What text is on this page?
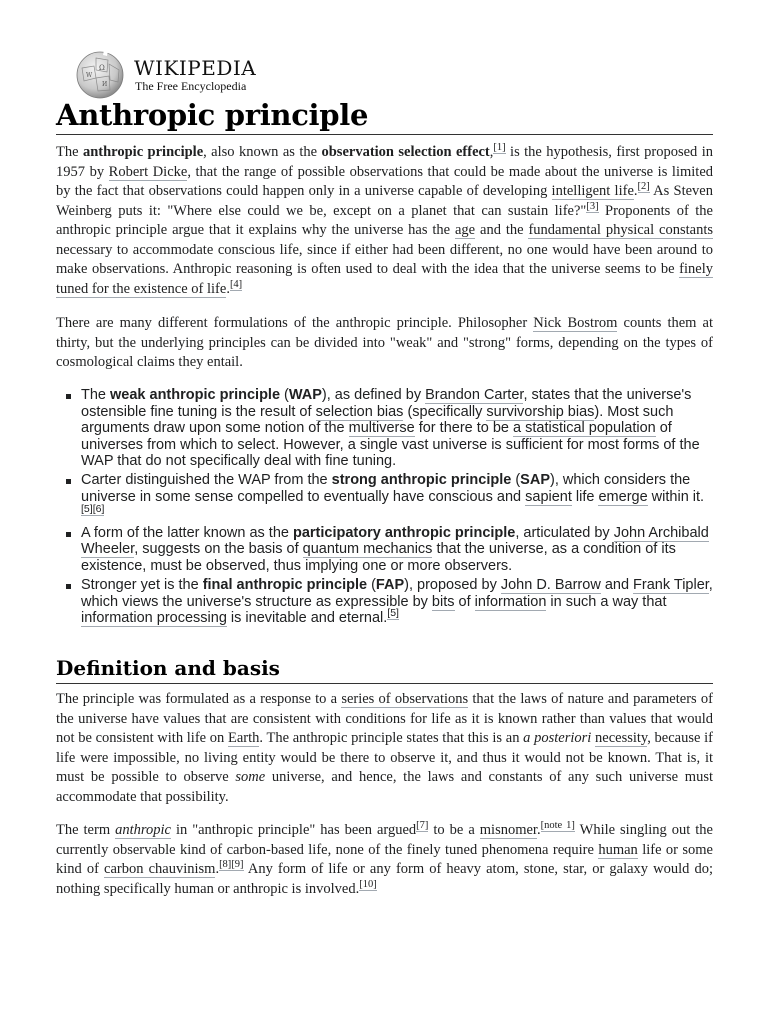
Ω
W
И
WIKIPEDIA
The Free Encyclopedia
Anthropic principle

The anthropic principle, also known as the observation selection effect,[1] is the hypothesis, first proposed in 1957 by Robert Dicke, that the range of possible observations that could be made about the universe is limited by the fact that observations could happen only in a universe capable of developing intelligent life.[2] As Steven Weinberg puts it: "Where else could we be, except on a planet that can sustain life?"[3] Proponents of the anthropic principle argue that it explains why the universe has the age and the fundamental physical constants necessary to accommodate conscious life, since if either had been different, no one would have been around to make observations. Anthropic reasoning is often used to deal with the idea that the universe seems to be finely tuned for the existence of life.[4]

There are many different formulations of the anthropic principle. Philosopher Nick Bostrom counts them at thirty, but the underlying principles can be divided into "weak" and "strong" forms, depending on the types of cosmological claims they entail.

The weak anthropic principle (WAP), as defined by Brandon Carter, states that the universe's ostensible fine tuning is the result of selection bias (specifically survivorship bias). Most such arguments draw upon some notion of the multiverse for there to be a statistical population of universes from which to select. However, a single vast universe is sufficient for most forms of the WAP that do not specifically deal with fine tuning.
Carter distinguished the WAP from the strong anthropic principle (SAP), which considers the universe in some sense compelled to eventually have conscious and sapient life emerge within it.[5][6]
A form of the latter known as the participatory anthropic principle, articulated by John Archibald Wheeler, suggests on the basis of quantum mechanics that the universe, as a condition of its existence, must be observed, thus implying one or more observers.
Stronger yet is the final anthropic principle (FAP), proposed by John D. Barrow and Frank Tipler, which views the universe's structure as expressible by bits of information in such a way that information processing is inevitable and eternal.[5]
Definition and basis

The principle was formulated as a response to a series of observations that the laws of nature and parameters of the universe have values that are consistent with conditions for life as it is known rather than values that would not be consistent with life on Earth. The anthropic principle states that this is an a posteriori necessity, because if life were impossible, no living entity would be there to observe it, and thus it would not be known. That is, it must be possible to observe some universe, and hence, the laws and constants of any such universe must accommodate that possibility.

The term anthropic in "anthropic principle" has been argued[7] to be a misnomer.[note 1] While singling out the currently observable kind of carbon-based life, none of the finely tuned phenomena require human life or some kind of carbon chauvinism.[8][9] Any form of life or any form of heavy atom, stone, star, or galaxy would do; nothing specifically human or anthropic is involved.[10]
